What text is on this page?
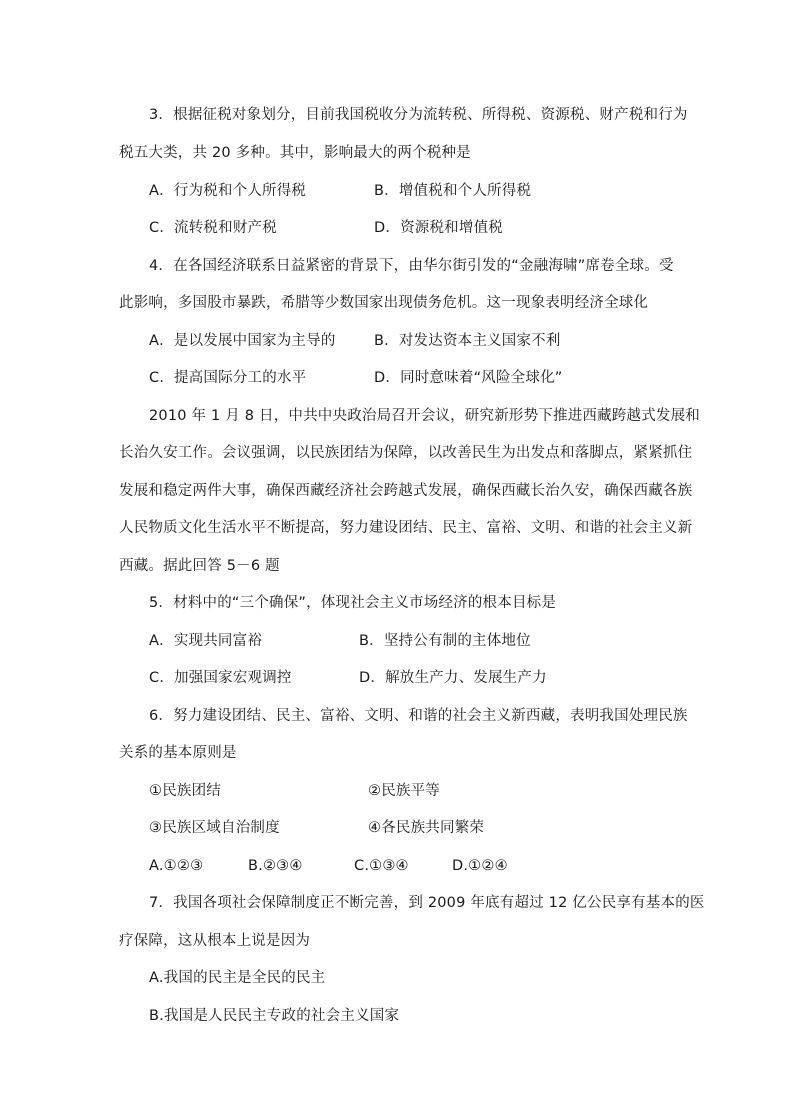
3．根据征税对象划分，目前我国税收分为流转税、所得税、资源税、财产税和行为
税五大类，共 20 多种。其中，影响最大的两个税种是
A．行为税和个人所得税	B．增值税和个人所得税
C．流转税和财产税	D．资源税和增值税
4．在各国经济联系日益紧密的背景下，由华尔街引发的“金融海啸”席卷全球。受
此影响，多国股市暴跌，希腊等少数国家出现债务危机。这一现象表明经济全球化
A．是以发展中国家为主导的	B．对发达资本主义国家不利
C．提高国际分工的水平	D．同时意味着“风险全球化”
2010 年 1 月 8 日，中共中央政治局召开会议，研究新形势下推进西藏跨越式发展和
长治久安工作。会议强调，以民族团结为保障，以改善民生为出发点和落脚点，紧紧抓住
发展和稳定两件大事，确保西藏经济社会跨越式发展，确保西藏长治久安，确保西藏各族
人民物质文化生活水平不断提高，努力建设团结、民主、富裕、文明、和谐的社会主义新
西藏。据此回答 5－6 题
5．材料中的“三个确保”，体现社会主义市场经济的根本目标是
A．实现共同富裕	B．坚持公有制的主体地位
C．加强国家宏观调控	D．解放生产力、发展生产力
6．努力建设团结、民主、富裕、文明、和谐的社会主义新西藏，表明我国处理民族
关系的基本原则是
①民族团结	②民族平等
③民族区域自治制度	④各民族共同繁荣
A.①②③	B.②③④	C.①③④	D.①②④
7．我国各项社会保障制度正不断完善，到 2009 年底有超过 12 亿公民享有基本的医
疗保障，这从根本上说是因为
A.我国的民主是全民的民主
B.我国是人民民主专政的社会主义国家
